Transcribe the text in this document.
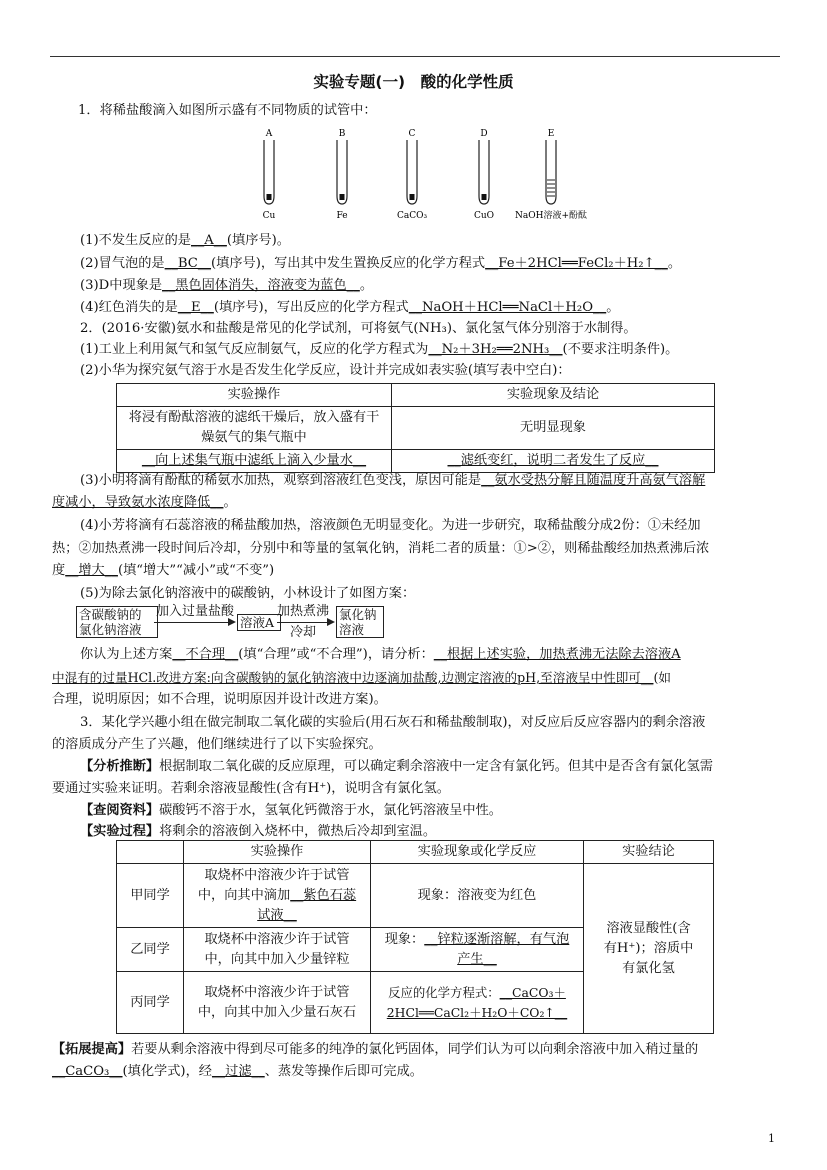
实验专题(一)　酸的化学性质
1．将稀盐酸滴入如图所示盛有不同物质的试管中：
A
Cu
B
Fe
C
CaCO₃
D
CuO
E
NaOH溶液+酚酞
(1)不发生反应的是__A__(填序号)。
(2)冒气泡的是__BC__(填序号)，写出其中发生置换反应的化学方程式__Fe＋2HCl══FeCl₂＋H₂↑__。
(3)D中现象是__黑色固体消失，溶液变为蓝色__。
(4)红色消失的是__E__(填序号)，写出反应的化学方程式__NaOH＋HCl══NaCl＋H₂O__。
2．(2016·安徽)氨水和盐酸是常见的化学试剂，可将氨气(NH₃)、氯化氢气体分别溶于水制得。
(1)工业上利用氮气和氢气反应制氨气，反应的化学方程式为__N₂＋3H₂══2NH₃__(不要求注明条件)。
(2)小华为探究氨气溶于水是否发生化学反应，设计并完成如表实验(填写表中空白)：
实验操作	实验现象及结论
将浸有酚酞溶液的滤纸干燥后，放入盛有干
燥氨气的集气瓶中	无明显现象
__向上述集气瓶中滤纸上滴入少量水__	__滤纸变红，说明二者发生了反应__
(3)小明将滴有酚酞的稀氨水加热，观察到溶液红色变浅，原因可能是__氨水受热分解且随温度升高氨气溶解
度减小，导致氨水浓度降低__。
(4)小芳将滴有石蕊溶液的稀盐酸加热，溶液颜色无明显变化。为进一步研究，取稀盐酸分成2份：①未经加
热；②加热煮沸一段时间后冷却，分别中和等量的氢氧化钠，消耗二者的质量：①>②，则稀盐酸经加热煮沸后浓
度__增大__(填“增大”“减小”或“不变”)
(5)为除去氯化钠溶液中的碳酸钠，小林设计了如图方案：
含碳酸钠的
氯化钠溶液
加入过量盐酸
溶液A
加热煮沸
冷却
氯化钠
溶液
你认为上述方案__不合理__(填“合理”或“不合理”)，请分析：__根据上述实验，加热煮沸无法除去溶液A
中混有的过量HCl.改进方案:向含碳酸钠的氯化钠溶液中边逐滴加盐酸,边测定溶液的pH,至溶液呈中性即可__(如
合理，说明原因；如不合理，说明原因并设计改进方案)。
3．某化学兴趣小组在做完制取二氧化碳的实验后(用石灰石和稀盐酸制取)，对反应后反应容器内的剩余溶液
的溶质成分产生了兴趣，他们继续进行了以下实验探究。
【分析推断】根据制取二氧化碳的反应原理，可以确定剩余溶液中一定含有氯化钙。但其中是否含有氯化氢需
要通过实验来证明。若剩余溶液显酸性(含有H⁺)，说明含有氯化氢。
【查阅资料】碳酸钙不溶于水，氢氧化钙微溶于水，氯化钙溶液呈中性。
【实验过程】将剩余的溶液倒入烧杯中，微热后冷却到室温。
	实验操作	实验现象或化学反应	实验结论
甲同学	取烧杯中溶液少许于试管
中，向其中滴加__紫色石蕊
试液__	现象：溶液变为红色	溶液显酸性(含
有H⁺)；溶质中
有氯化氢
乙同学	取烧杯中溶液少许于试管
中，向其中加入少量锌粒	现象：__锌粒逐渐溶解，有气泡
产生__	
丙同学	取烧杯中溶液少许于试管
中，向其中加入少量石灰石	反应的化学方程式：__CaCO₃＋
2HCl══CaCl₂＋H₂O＋CO₂↑__	
【拓展提高】若要从剩余溶液中得到尽可能多的纯净的氯化钙固体，同学们认为可以向剩余溶液中加入稍过量的
__CaCO₃__(填化学式)，经__过滤__、蒸发等操作后即可完成。
1
